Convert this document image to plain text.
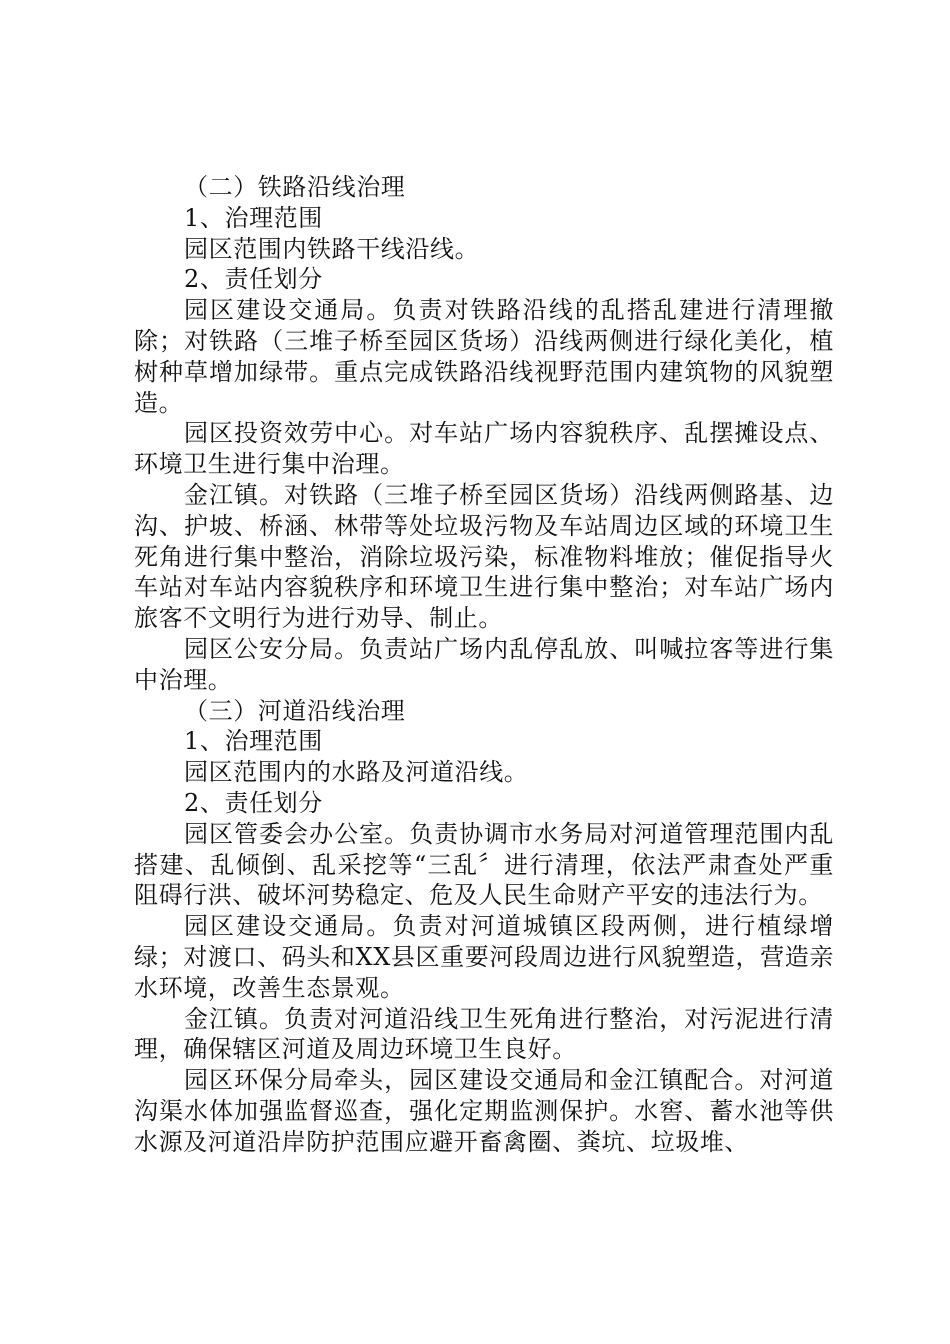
（二）铁路沿线治理

1、治理范围

园区范围内铁路干线沿线。

2、责任划分

园区建设交通局。负责对铁路沿线的乱搭乱建进行清理撤除；对铁路（三堆子桥至园区货场）沿线两侧进行绿化美化，植树种草增加绿带。重点完成铁路沿线视野范围内建筑物的风貌塑造。

园区投资效劳中心。对车站广场内容貌秩序、乱摆摊设点、环境卫生进行集中治理。

金江镇。对铁路（三堆子桥至园区货场）沿线两侧路基、边沟、护坡、桥涵、林带等处垃圾污物及车站周边区域的环境卫生死角进行集中整治，消除垃圾污染，标准物料堆放；催促指导火车站对车站内容貌秩序和环境卫生进行集中整治；对车站广场内旅客不文明行为进行劝导、制止。

园区公安分局。负责站广场内乱停乱放、叫喊拉客等进行集中治理。

（三）河道沿线治理

1、治理范围

园区范围内的水路及河道沿线。

2、责任划分

园区管委会办公室。负责协调市水务局对河道管理范围内乱搭建、乱倾倒、乱采挖等“三乱〞进行清理，依法严肃查处严重阻碍行洪、破坏河势稳定、危及人民生命财产平安的违法行为。

园区建设交通局。负责对河道城镇区段两侧，进行植绿增绿；对渡口、码头和XX县区重要河段周边进行风貌塑造，营造亲水环境，改善生态景观。

金江镇。负责对河道沿线卫生死角进行整治，对污泥进行清理，确保辖区河道及周边环境卫生良好。

园区环保分局牵头，园区建设交通局和金江镇配合。对河道沟渠水体加强监督巡查，强化定期监测保护。水窖、蓄水池等供水源及河道沿岸防护范围应避开畜禽圈、粪坑、垃圾堆、
